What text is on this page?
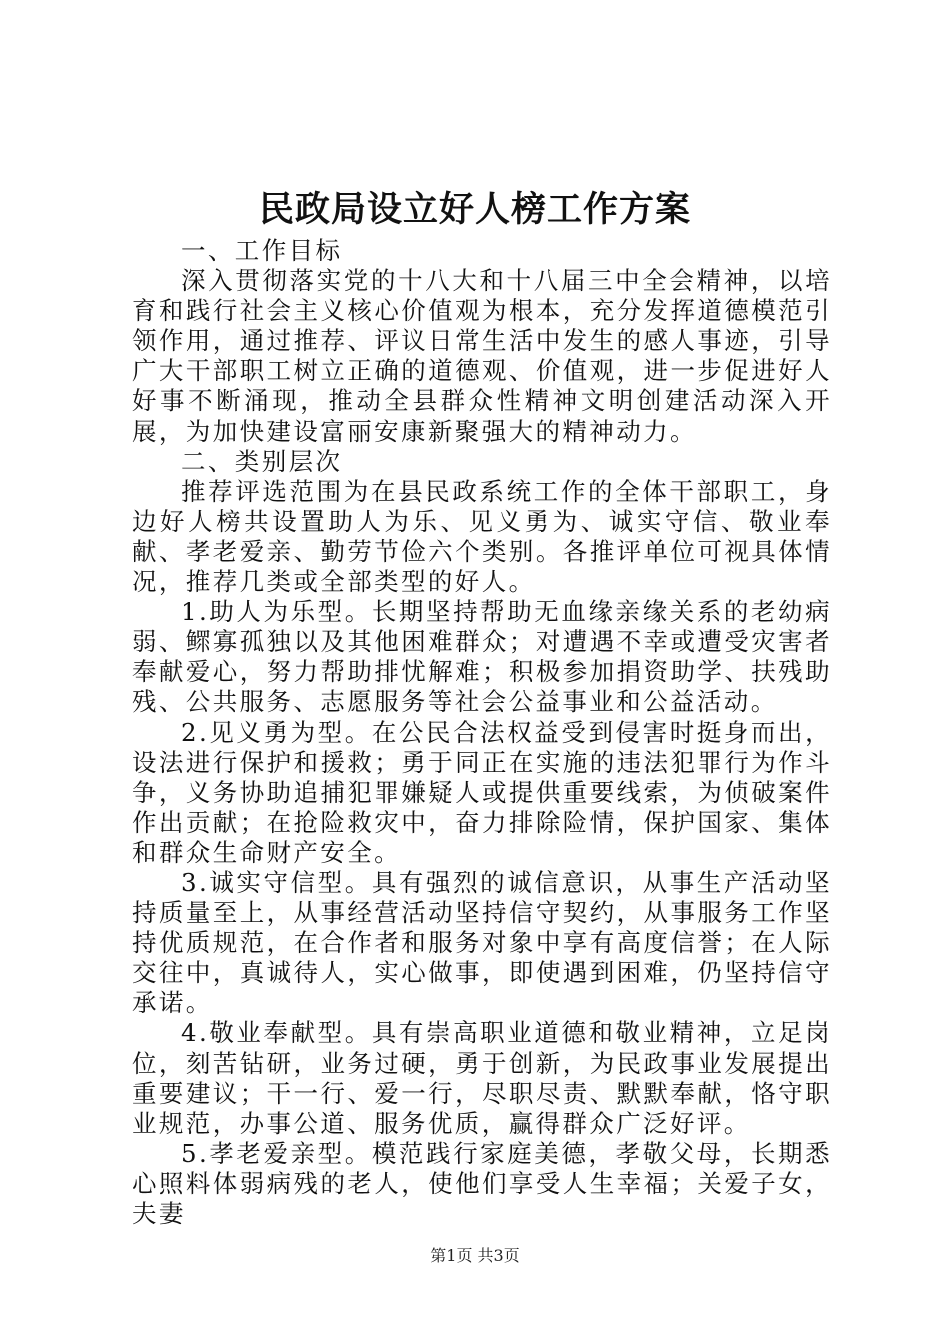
民政局设立好人榜工作方案

一、工作目标

深入贯彻落实党的十八大和十八届三中全会精神，以培育和践行社会主义核心价值观为根本，充分发挥道德模范引领作用，通过推荐、评议日常生活中发生的感人事迹，引导广大干部职工树立正确的道德观、价值观，进一步促进好人好事不断涌现，推动全县群众性精神文明创建活动深入开展，为加快建设富丽安康新聚强大的精神动力。

二、类别层次

推荐评选范围为在县民政系统工作的全体干部职工，身边好人榜共设置助人为乐、见义勇为、诚实守信、敬业奉献、孝老爱亲、勤劳节俭六个类别。各推评单位可视具体情况，推荐几类或全部类型的好人。

1.助人为乐型。长期坚持帮助无血缘亲缘关系的老幼病弱、鳏寡孤独以及其他困难群众；对遭遇不幸或遭受灾害者奉献爱心，努力帮助排忧解难；积极参加捐资助学、扶残助残、公共服务、志愿服务等社会公益事业和公益活动。

2.见义勇为型。在公民合法权益受到侵害时挺身而出，设法进行保护和援救；勇于同正在实施的违法犯罪行为作斗争，义务协助追捕犯罪嫌疑人或提供重要线索，为侦破案件作出贡献；在抢险救灾中，奋力排除险情，保护国家、集体和群众生命财产安全。

3.诚实守信型。具有强烈的诚信意识，从事生产活动坚持质量至上，从事经营活动坚持信守契约，从事服务工作坚持优质规范，在合作者和服务对象中享有高度信誉；在人际交往中，真诚待人，实心做事，即使遇到困难，仍坚持信守承诺。

4.敬业奉献型。具有崇高职业道德和敬业精神，立足岗位，刻苦钻研，业务过硬，勇于创新，为民政事业发展提出重要建议；干一行、爱一行，尽职尽责、默默奉献，恪守职业规范，办事公道、服务优质，赢得群众广泛好评。

5.孝老爱亲型。模范践行家庭美德，孝敬父母，长期悉心照料体弱病残的老人，使他们享受人生幸福；关爱子女，夫妻

第1页 共3页
